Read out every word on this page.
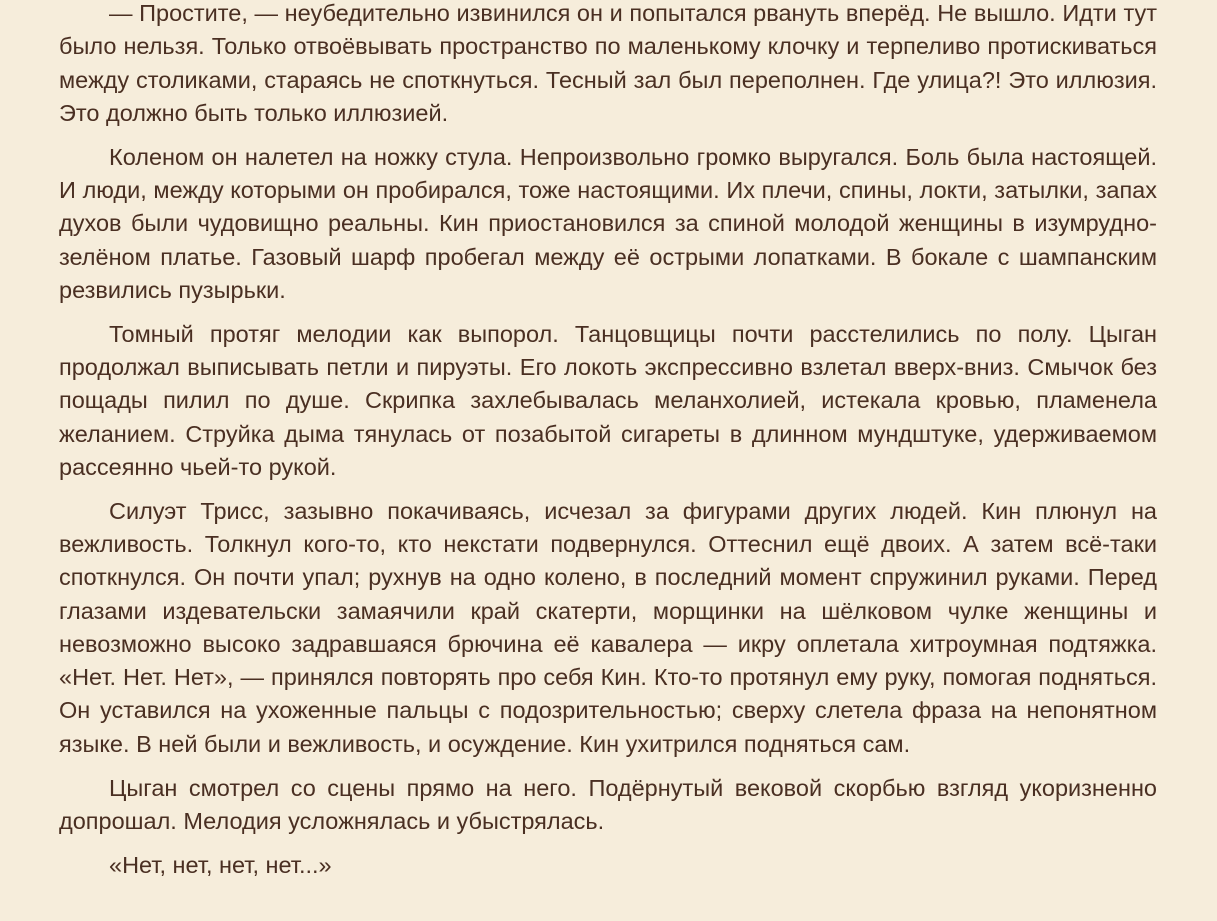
— Простите, — неубедительно извинился он и попытался рвануть вперёд. Не вышло. Идти тут было нельзя. Только отвоёвывать пространство по маленькому клочку и терпеливо протискиваться между столиками, стараясь не споткнуться. Тесный зал был переполнен. Где улица?! Это иллюзия. Это должно быть только иллюзией.

Коленом он налетел на ножку стула. Непроизвольно громко выругался. Боль была настоящей. И люди, между которыми он пробирался, тоже настоящими. Их плечи, спины, локти, затылки, запах духов были чудовищно реальны. Кин приостановился за спиной молодой женщины в изумрудно-зелёном платье. Газовый шарф пробегал между её острыми лопатками. В бокале с шампанским резвились пузырьки.

Томный протяг мелодии как выпорол. Танцовщицы почти расстелились по полу. Цыган продолжал выписывать петли и пируэты. Его локоть экспрессивно взлетал вверх-вниз. Смычок без пощады пилил по душе. Скрипка захлебывалась меланхолией, истекала кровью, пламенела желанием. Струйка дыма тянулась от позабытой сигареты в длинном мундштуке, удерживаемом рассеянно чьей-то рукой.

Силуэт Трисс, зазывно покачиваясь, исчезал за фигурами других людей. Кин плюнул на вежливость. Толкнул кого-то, кто некстати подвернулся. Оттеснил ещё двоих. А затем всё-таки споткнулся. Он почти упал; рухнув на одно колено, в последний момент спружинил руками. Перед глазами издевательски замаячили край скатерти, морщинки на шёлковом чулке женщины и невозможно высоко задравшаяся брючина её кавалера — икру оплетала хитроумная подтяжка. «Нет. Нет. Нет», — принялся повторять про себя Кин. Кто-то протянул ему руку, помогая подняться. Он уставился на ухоженные пальцы с подозрительностью; сверху слетела фраза на непонятном языке. В ней были и вежливость, и осуждение. Кин ухитрился подняться сам.

Цыган смотрел со сцены прямо на него. Подёрнутый вековой скорбью взгляд укоризненно допрошал. Мелодия усложнялась и убыстрялась.

«Нет, нет, нет, нет...»
